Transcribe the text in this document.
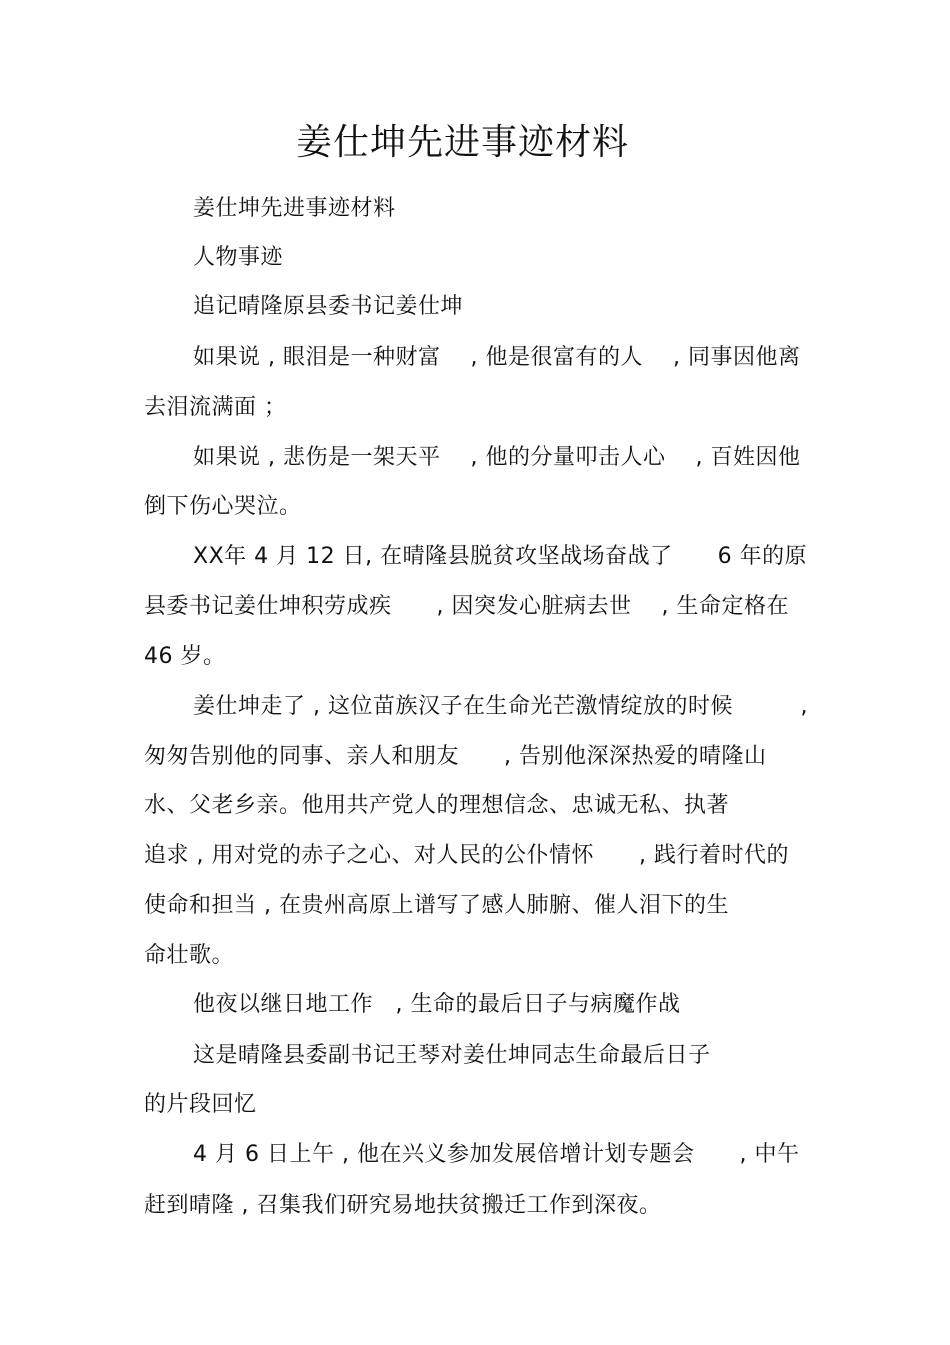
姜仕坤先进事迹材料

姜仕坤先进事迹材料

人物事迹

追记晴隆原县委书记姜仕坤

如果说 , 眼泪是一种财富　 , 他是很富有的人　 , 同事因他离

去泪流满面 ；

如果说 , 悲伤是一架天平　 , 他的分量叩击人心　 , 百姓因他

倒下伤心哭泣。

XX年 4 月 12 日, 在晴隆县脱贫攻坚战场奋战了　　6 年的原

县委书记姜仕坤积劳成疾　　, 因突发心脏病去世　 , 生命定格在

46 岁。

姜仕坤走了 , 这位苗族汉子在生命光芒激情绽放的时候　　　,

匆匆告别他的同事、亲人和朋友　　, 告别他深深热爱的晴隆山

水、父老乡亲。他用共产党人的理想信念、忠诚无私、执著

追求 , 用对党的赤子之心、对人民的公仆情怀　　, 践行着时代的

使命和担当 , 在贵州高原上谱写了感人肺腑、催人泪下的生

命壮歌。

他夜以继日地工作　, 生命的最后日子与病魔作战

这是晴隆县委副书记王琴对姜仕坤同志生命最后日子

的片段回忆

4 月 6 日上午 , 他在兴义参加发展倍增计划专题会　　, 中午

赶到晴隆 , 召集我们研究易地扶贫搬迁工作到深夜。
